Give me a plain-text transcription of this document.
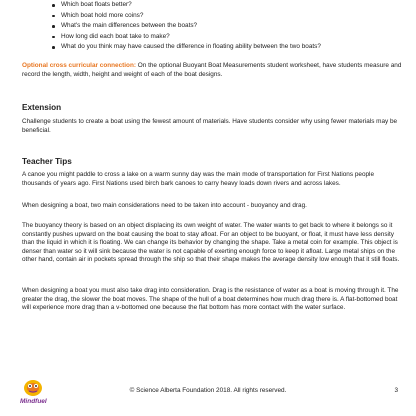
Which boat floats better?
Which boat hold more coins?
What's the main differences between the boats?
How long did each boat take to make?
What do you think may have caused the difference in floating ability between the two boats?

Optional cross curricular connection: On the optional Buoyant Boat Measurements student worksheet, have students measure and record the length, width, height and weight of each of the boat designs.

Extension

Challenge students to create a boat using the fewest amount of materials. Have students consider why using fewer materials may be beneficial.

Teacher Tips

A canoe you might paddle to cross a lake on a warm sunny day was the main mode of transportation for First Nations people thousands of years ago. First Nations used birch bark canoes to carry heavy loads down rivers and across lakes.

When designing a boat, two main considerations need to be taken into account - buoyancy and drag.

The buoyancy theory is based on an object displacing its own weight of water. The water wants to get back to where it belongs so it constantly pushes upward on the boat causing the boat to stay afloat. For an object to be buoyant, or float, it must have less density than the liquid in which it is floating. We can change its behavior by changing the shape. Take a metal coin for example. This object is denser than water so it will sink because the water is not capable of exerting enough force to keep it afloat. Large metal ships on the other hand, contain air in pockets spread through the ship so that their shape makes the average density low enough that it still floats.

When designing a boat you must also take drag into consideration. Drag is the resistance of water as a boat is moving through it. The greater the drag, the slower the boat moves. The shape of the hull of a boat determines how much drag there is. A flat-bottomed boat will experience more drag than a v-bottomed one because the flat bottom has more contact with the water surface.

Mindfuel
© Science Alberta Foundation 2018. All rights reserved.	3
